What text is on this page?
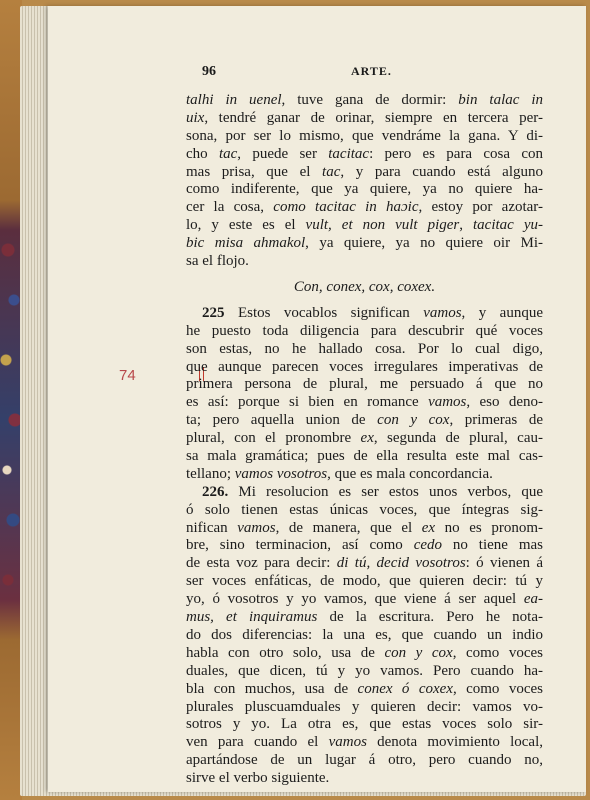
96	ARTE.
74
talhi in uenel, tuve gana de dormir: bin talac in
uix, tendré ganar de orinar, siempre en tercera per-
sona, por ser lo mismo, que vendráme la gana. Y di-
cho tac, puede ser tacitac: pero es para cosa con
mas prisa, que el tac, y para cuando está alguno
como indiferente, que ya quiere, ya no quiere ha-
cer la cosa, como tacitac in haɔic, estoy por azotar-
lo, y este es el vult, et non vult piger, tacitac yu-
bic misa ahmakol, ya quiere, ya no quiere oir Mi-
sa el flojo.
Con, conex, cox, coxex.
225 Estos vocablos significan vamos, y aunque
he puesto toda diligencia para descubrir qué voces
son estas, no he hallado cosa. Por lo cual digo,
que aunque parecen voces irregulares imperativas de
primera persona de plural, me persuado á que no
es así: porque si bien en romance vamos, eso deno-
ta; pero aquella union de con y cox, primeras de
plural, con el pronombre ex, segunda de plural, cau-
sa mala gramática; pues de ella resulta este mal cas-
tellano; vamos vosotros, que es mala concordancia.
226. Mi resolucion es ser estos unos verbos, que
ó solo tienen estas únicas voces, que íntegras sig-
nifican vamos, de manera, que el ex no es pronom-
bre, sino terminacion, así como cedo no tiene mas
de esta voz para decir: di tú, decid vosotros: ó vienen á
ser voces enfáticas, de modo, que quieren decir: tú y
yo, ó vosotros y yo vamos, que viene á ser aquel ea-
mus, et inquiramus de la escritura. Pero he nota-
do dos diferencias: la una es, que cuando un indio
habla con otro solo, usa de con y cox, como voces
duales, que dicen, tú y yo vamos. Pero cuando ha-
bla con muchos, usa de conex ó coxex, como voces
plurales pluscuamduales y quieren decir: vamos vo-
sotros y yo. La otra es, que estas voces solo sir-
ven para cuando el vamos denota movimiento local,
apartándose de un lugar á otro, pero cuando no,
sirve el verbo siguiente.
